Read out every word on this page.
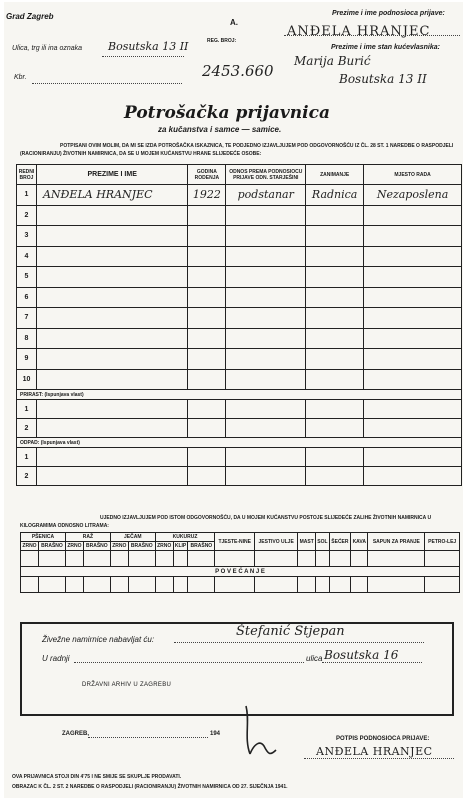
Grad Zagreb
A.
REG. BROJ:
2453.660
Ulica, trg ili ina oznaka Bosutska 13 II
Kbr.
Prezime i ime podnosioca prijave:
ANĐELA HRANJEC
Prezime i ime stan kućevlasnika:
Marija Burić
Bosutska 13 II
Potrošačka prijavnica
za kučanstva i samce — samice.
POTPISANI OVIM MOLIM, DA MI SE IZDA POTROŠAČKA ISKAZNICA, TE PODJEDNO IZJAVLJUJEM POD ODGOVORNOŠĆU IZ ČL. 28 ST. 1 NAREDBE O RASPODJELI (RACIONIRANJU) ŽIVOTNIH NAMIRNICA, DA SE U MOJEM KUĆANSTVU HRANE SLIJEDEĆE OSOBE:
REDNI BROJ	PREZIME I IME	GODINA RODENJA	ODNOS PREMA PODNOSIOCU PRIJAVE ODN. STARJEŠINI	ZANIMANJE	MJESTO RADA
1	ANĐELA HRANJEC	1922	podstanar	Radnica	Nezaposlena
2					
3					
4					
5					
6					
7					
8					
9					
10					
PRIRAST: (Ispunjava vlast)					
1					
2					
ODPAD: (Ispunjava vlast)					
1					
2					
UJEDNO IZJAVLJUJEM POD ISTOM ODGOVORNOŠĆU, DA U MOJEM KUĆANSTVU POSTOJE SLIJEDEĆE ZALIHE ŽIVOTNIH NAMIRNICA U KILOGRAMIMA ODNOSNO LITRAMA:
PŠENICA		RAŽ		JEČAM		KUKURUZ			TJESTE-NINE	JESTIVO ULJE	MAST	SOL	ŠEĆER	KAVA	SAPUN ZA PRANJE	PETRO-LEJ
ZRNO	BRAŠNO	ZRNO	BRAŠNO	ZRNO	BRAŠNO	ZRNO	KLIP	BRAŠNO								

P O V E Ć A N J E																

Živežne namirnice nabavljat ću:
Štefanić Stjepan
U radnji	ulica Bosutska 16
DRŽAVNI ARHIV U ZAGREBU
ZAGREB,	194
POTPIS PODNOSIOCA PRIJAVE:
ANĐELA HRANJEC
OVA PRIJAVNICA STOJI DIN 4'75 I NE SMIJE SE SKUPLJE PRODAVATI.
OBRAZAC K ČL. 2 ST. 2 NAREDBE O RASPODJELI (RACIONIRANJU) ŽIVOTNIH NAMIRNICA OD 27. SIJEČNJA 1941.
